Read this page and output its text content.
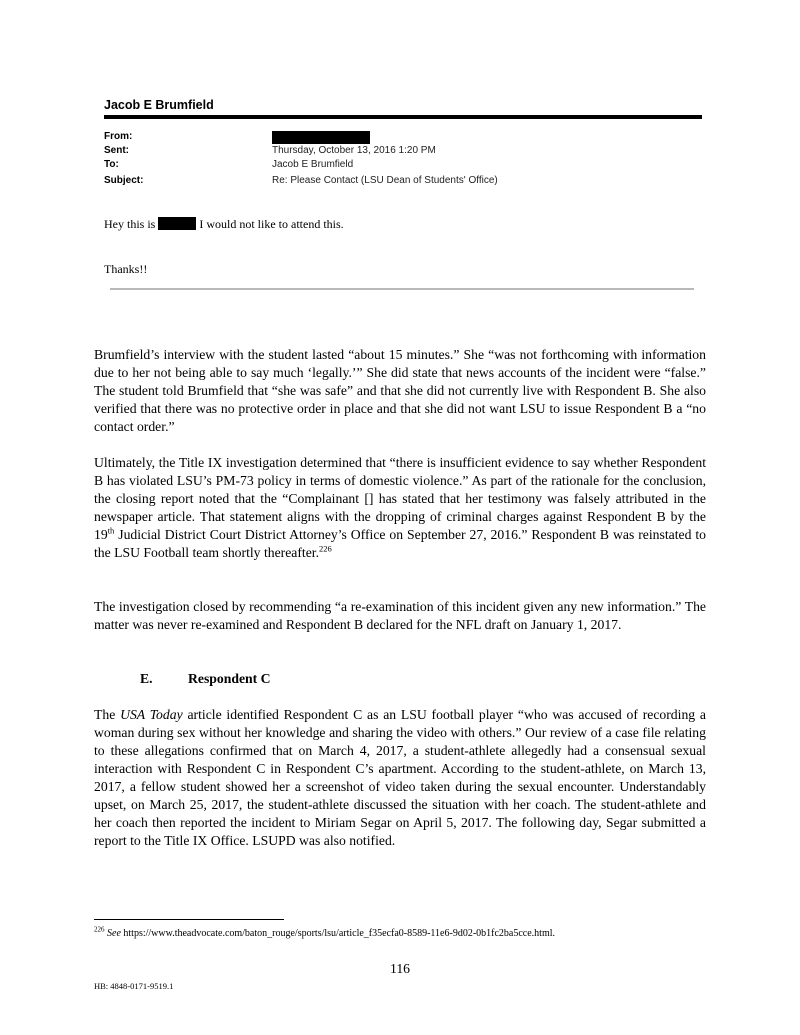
Jacob E Brumfield
From:
Sent:	Thursday, October 13, 2016 1:20 PM
To:	Jacob E Brumfield
Subject:	Re: Please Contact (LSU Dean of Students' Office)
Hey this is	I would not like to attend this.
Thanks!!

Brumfield’s interview with the student lasted “about 15 minutes.” She “was not forthcoming with information due to her not being able to say much ‘legally.’” She did state that news accounts of the incident were “false.” The student told Brumfield that “she was safe” and that she did not currently live with Respondent B. She also verified that there was no protective order in place and that she did not want LSU to issue Respondent B a “no contact order.”

Ultimately, the Title IX investigation determined that “there is insufficient evidence to say whether Respondent B has violated LSU’s PM-73 policy in terms of domestic violence.” As part of the rationale for the conclusion, the closing report noted that the “Complainant [] has stated that her testimony was falsely attributed in the newspaper article. That statement aligns with the dropping of criminal charges against Respondent B by the 19th Judicial District Court District Attorney’s Office on September 27, 2016.” Respondent B was reinstated to the LSU Football team shortly thereafter.$^{226}$

The investigation closed by recommending “a re-examination of this incident given any new information.” The matter was never re-examined and Respondent B declared for the NFL draft on January 1, 2017.

E.	Respondent C

The USA Today article identified Respondent C as an LSU football player “who was accused of recording a woman during sex without her knowledge and sharing the video with others.” Our review of a case file relating to these allegations confirmed that on March 4, 2017, a student-athlete allegedly had a consensual sexual interaction with Respondent C in Respondent C’s apartment. According to the student-athlete, on March 13, 2017, a fellow student showed her a screenshot of video taken during the sexual encounter. Understandably upset, on March 25, 2017, the student-athlete discussed the situation with her coach. The student-athlete and her coach then reported the incident to Miriam Segar on April 5, 2017. The following day, Segar submitted a report to the Title IX Office. LSUPD was also notified.

$^{226}$ See https://www.theadvocate.com/baton_rouge/sports/lsu/article_f35ecfa0-8589-11e6-9d02-0b1fc2ba5cce.html.
116
HB: 4848-0171-9519.1
